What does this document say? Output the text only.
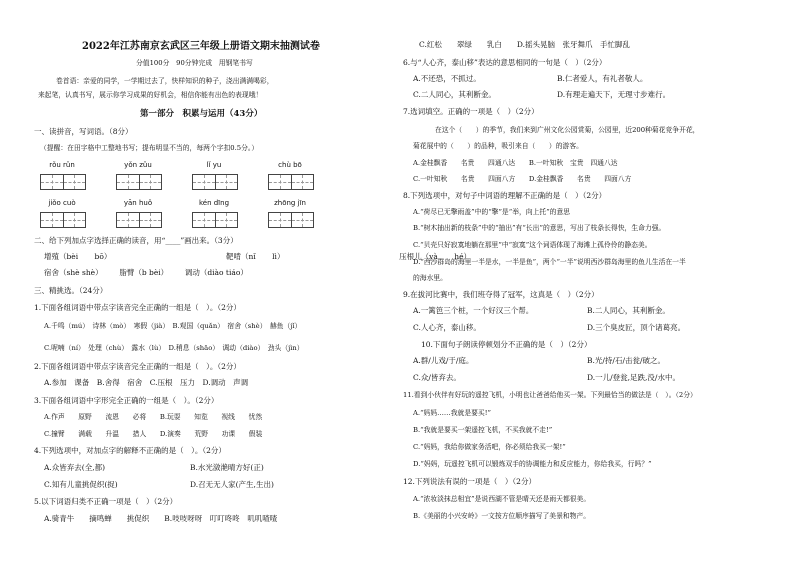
2022年江苏南京玄武区三年级上册语文期末抽测试卷
分值100分　90分钟完成　用钢笔书写
卷首语：亲爱的同学，一学期过去了，快样知识的种子，浇出满满喝彩，
来起笔，认真书写，展示你学习成果的好机会，相信你能有出色的表现哦！
第一部分　积累与运用（43分）
一、读拼音，写词语。（8分）
（提醒：在田字格中工整地书写；提布明显不当的，每两个字扣0.5分。）
rǒu rǔn	yǒn zǔu	lǐ yu	chù bō
jiǒo cuò	yān huǒ	kén dīng	zhōng jīn
二、给下列加点字选择正确的读音，用“____”画出来。（3分）
增殖（bèi bō）	靶啃（nǐ lì）	压根儿（yà hé）
宿舍（shè shè） 脂臂（b bèi） 调动（diào tiáo）
三、精挑选。（24分）
1.下面各组词语中带点字读音完全正确的一组是（　）。（2分）
A.千鸣（mú）　诗林（mò）　寒假（jià）　B.观国（quǎn）　宿舍（shè）　赫鱼（jǐ）
C.呢喃（ní）　处理（chù）　露水（lù）　D.稍息（shāo）　调动（diào）　劲头（jìn）
2.下面各组词语中带点字读音完全正确的一组是（　）。（2分）
A.参加　课备　B.舍得　宿舍　C.压根　压力　D.调动　声调
3.下面各组词语中字形完全正确的一组是（　）。（2分）
A.作声　　原野　　流恩　　必将　　B.玩耍　　知览　　视线　　忧然
C.撞臂　　满载　　升温　　措人　　D.演奏　　荒野　　功课　　假装
4.下列选项中，对加点字的解释不正确的是（　）。（2分）
A.众皆弃去(全,都)	B.水光潋滟晴方好(正)
C.知有儿童挑促织(捉)	D.召无无人家(产生,生出)
5.以下词语归类不正确一项是（　）（2分）
A.骑青牛　　摘鸣蝉　　挑促织　　B.吱吱呀呀　叮叮咚咚　叽叽喳喳
C.红松　　翠绿　　乳白　　D.摇头晃脑　张牙舞爪　手忙脚乱
6.与“人心齐，泰山移”表达的意思相同的一句是（　）（2分）
A.不还恐，不抓过。	B.仁者爱人，有礼者敬人。
C.二人同心，其利断金。	D.有理走遍天下，无理寸步难行。
7.选词填空。正确的一项是（　）（2分）
在这个（　　）的季节，我们来到广州文化公园赏菊，公园里，近200种菊花竞争开花，
菊花展中的（　　）的品种，吸引来自（　　）的游客。
A.金桂飘香　　名贵　　四通八达　　B.一叶知秋　宝贵　四通八达
C.一叶知秋　　名贵　　四面八方　　D.金桂飘香　　名贵　　四面八方
8.下列选项中，对句子中词语的理解不正确的是（　）（2分）
A.“荷尽已无擎雨盖”中的“擎”是“举，向上托”的意思
B.“树木抽出新的枝条”中的“抽出”有“长出”的意思，写出了枝条长得快，生命力强。
C.“贝壳只好寂寞地躺在那里”中“寂寞”这个词语体现了海滩上孤伶伶的静态美。
D.“西沙群岛的海里一半是水，一半是鱼”，两个“一半”说明西沙群岛海里的鱼儿生活在一半
的海水里。
9.在拔河比赛中，我们班夺得了冠军，这真是（　）（2分）
A.一篱笆三个桩，一个好汉三个帮。	B.二人同心，其利断金。
C.人心齐，泰山移。	D.三个臭皮匠，顶个诸葛亮。
10.下面句子朗读停顿划分不正确的是（　）（2分）
A.群/儿戏/于/庭。	B.光/持/石/击瓮/破之。
C.众/皆弃去。	D.一儿/登瓮,足跌,没/水中。
11.看到小伙伴有好玩的遥控飞机，小明也让爸爸给他买一架。下列最恰当的做法是（　）。（2分）
A.“妈妈……我就是要买!”
B.“我就是要买一架遥控飞机，不买我就不走!”
C.“妈妈，我给你做家务活吧，你必须给我买一架!”
D.“妈妈，玩遥控飞机可以锻炼双手的协调能力和反应能力，你给我买，行吗？”
12.下列说法有误的一项是（　）（2分）
A.“浓妆淡抹总相宜”是说西湖不管是晴天还是雨天都很美。
B.《美丽的小兴安岭》一文按方位顺序描写了美景和物产。
